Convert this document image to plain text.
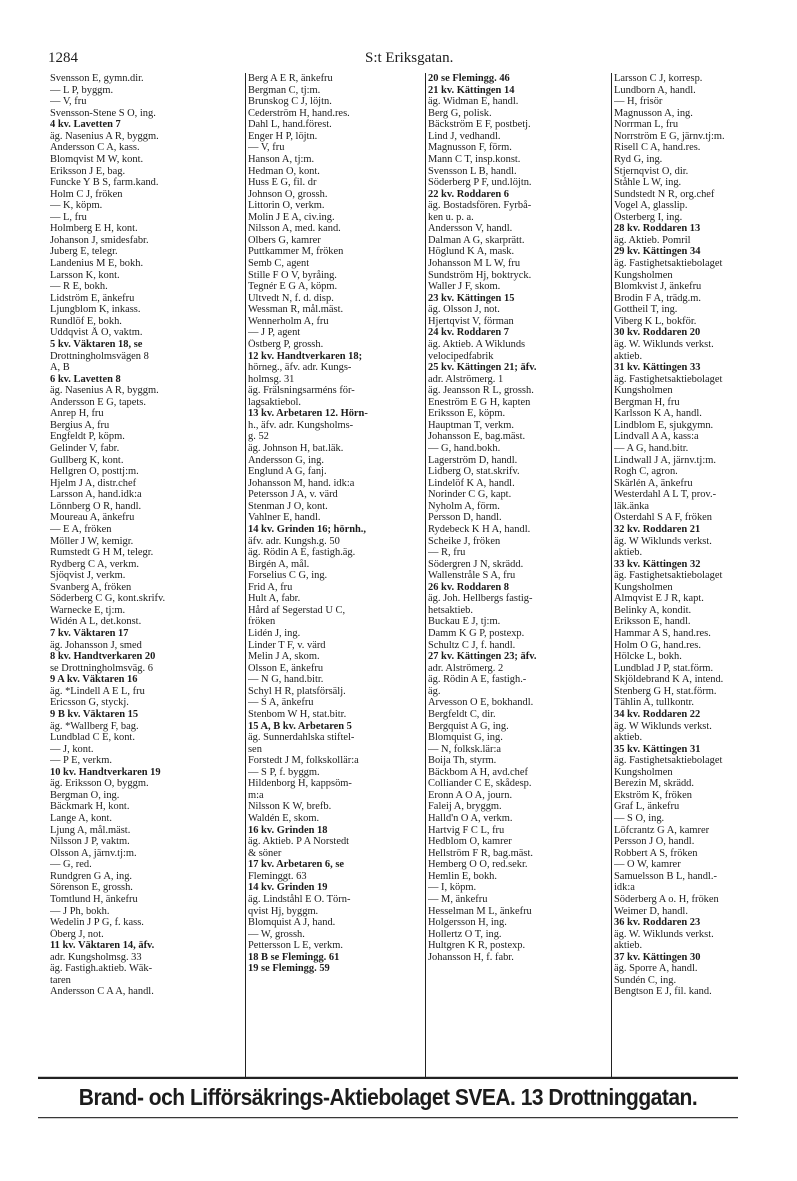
1284	S:t Eriksgatan.
Svensson E, gymn.dir.
— L P, byggm.
— V, fru
Svensson-Stene S O, ing.
4 kv. Lavetten 7
äg. Nasenius A R, byggm.
Andersson C A, kass.
Blomqvist M W, kont.
Eriksson J E, bag.
Funcke Y B S, farm.kand.
Holm C J, fröken
— K, köpm.
— L, fru
Holmberg E H, kont.
Johanson J, smidesfabr.
Juberg E, telegr.
Landenius M E, bokh.
Larsson K, kont.
— R E, bokh.
Lidström E, änkefru
Ljungblom K, inkass.
Rundlöf E, bokh.
Uddqvist Å O, vaktm.
5 kv. Väktaren 18, se
Drottningholmsvägen 8
A, B
6 kv. Lavetten 8
äg. Nasenius A R, byggm.
Andersson E G, tapets.
Anrep H, fru
Bergius A, fru
Engfeldt P, köpm.
Gelinder V, fabr.
Gullberg K, kont.
Hellgren O, posttj:m.
Hjelm J A, distr.chef
Larsson A, hand.idk:a
Lönnberg O R, handl.
Moureau A, änkefru
— E A, fröken
Möller J W, kemigr.
Rumstedt G H M, telegr.
Rydberg C A, verkm.
Sjöqvist J, verkm.
Svanberg A, fröken
Söderberg C G, kont.skrifv.
Warnecke E, tj:m.
Widén A L, det.konst.
7 kv. Väktaren 17
äg. Johansson J, smed
8 kv. Handtverkaren 20
se Drottningholmsväg. 6
9 A kv. Väktaren 16
äg. *Lindell A E L, fru
Ericsson G, styckj.
9 B kv. Väktaren 15
äg. *Wallberg F, bag.
Lundblad C E, kont.
— J, kont.
— P E, verkm.
10 kv. Handtverkaren 19
äg. Eriksson O, byggm.
Bergman O, ing.
Bäckmark H, kont.
Lange A, kont.
Ljung A, mål.mäst.
Nilsson J P, vaktm.
Olsson A, järnv.tj:m.
— G, red.
Rundgren G A, ing.
Sörenson E, grossh.
Tomtlund H, änkefru
— J Ph, bokh.
Wedelin J P G, f. kass.
Öberg J, not.
11 kv. Väktaren 14, äfv.
adr. Kungsholmsg. 33
äg. Fastigh.aktieb. Wäk-
taren
Andersson C A A, handl.
Berg A E R, änkefru
Bergman C, tj:m.
Brunskog C J, löjtn.
Cederström H, hand.res.
Dahl L, hand.förest.
Enger H P, löjtn.
— V, fru
Hanson A, tj:m.
Hedman O, kont.
Huss E G, fil. dr
Johnson O, grossh.
Littorin O, verkm.
Molin J E A, civ.ing.
Nilsson A, med. kand.
Olbers G, kamrer
Puttkammer M, fröken
Semb C, agent
Stille F O V, byråing.
Tegnér E G A, köpm.
Ultvedt N, f. d. disp.
Wessman R, mål.mäst.
Wennerholm A, fru
— J P, agent
Östberg P, grossh.
12 kv. Handtverkaren 18;
hörneg., äfv. adr. Kungs-
holmsg. 31
äg. Frälsningsarméns för-
lagsaktiebol.
13 kv. Arbetaren 12. Hörn-
h., äfv. adr. Kungsholms-
g. 52
äg. Johnson H, bat.läk.
Andersson G, ing.
Englund A G, fanj.
Johansson M, hand. idk:a
Petersson J A, v. värd
Stenman J O, kont.
Vahlner E, handl.
14 kv. Grinden 16; hörnh.,
äfv. adr. Kungsh.g. 50
äg. Rödin A E, fastigh.äg.
Birgén A, mål.
Forselius C G, ing.
Frid A, fru
Hult A, fabr.
Hård af Segerstad U C,
fröken
Lidén J, ing.
Linder T F, v. värd
Melin J A, skom.
Olsson E, änkefru
— N G, hand.bitr.
Schyl H R, platsförsälj.
— S A, änkefru
Stenbom W H, stat.bitr.
15 A, B kv. Arbetaren 5
äg. Sunnerdahlska stiftel-
sen
Forstedt J M, folkskollär:a
— S P, f. byggm.
Hildenborg H, kappsöm-
m:a
Nilsson K W, brefb.
Waldén E, skom.
16 kv. Grinden 18
äg. Aktieb. P A Norstedt
& söner
17 kv. Arbetaren 6, se
Fleminggt. 63
14 kv. Grinden 19
äg. Lindståhl E O. Törn-
qvist Hj, byggm.
Blomquist A J, hand.
— W, grossh.
Pettersson L E, verkm.
18 B se Flemingg. 61
19 se Flemingg. 59
20 se Flemingg. 46
21 kv. Kättingen 14
äg. Widman E, handl.
Berg G, polisk.
Bäckström E F, postbetj.
Lind J, vedhandl.
Magnusson F, förm.
Mann C T, insp.konst.
Svensson L B, handl.
Söderberg P F, und.löjtn.
22 kv. Roddaren 6
äg. Bostadsfören. Fyrbå-
ken u. p. a.
Andersson V, handl.
Dalman A G, skarprätt.
Höglund K A, mask.
Johansson M L W, fru
Sundström Hj, boktryck.
Waller J F, skom.
23 kv. Kättingen 15
äg. Olsson J, not.
Hjertqvist V, förman
24 kv. Roddaren 7
äg. Aktieb. A Wiklunds
velocipedfabrik
25 kv. Kättingen 21; äfv.
adr. Alströmerg. 1
äg. Jeansson R L, grossh.
Eneström E G H, kapten
Eriksson E, köpm.
Hauptman T, verkm.
Johansson E, bag.mäst.
— G, hand.bokh.
Lagerström D, handl.
Lidberg O, stat.skrifv.
Lindelöf K A, handl.
Norinder C G, kapt.
Nyholm A, förm.
Persson D, handl.
Rydebeck K H A, handl.
Scheike J, fröken
— R, fru
Södergren J N, skrädd.
Wallenstråle S A, fru
26 kv. Roddaren 8
äg. Joh. Hellbergs fastig-
hetsaktieb.
Buckau E J, tj:m.
Damm K G P, postexp.
Schultz C J, f. handl.
27 kv. Kättingen 23; äfv.
adr. Alströmerg. 2
äg. Rödin A E, fastigh.-
äg.
Arvesson O E, bokhandl.
Bergfeldt C, dir.
Bergquist A G, ing.
Blomquist G, ing.
— N, folksk.lär:a
Boija Th, styrm.
Bäckbom A H, avd.chef
Colliander C E, skådesp.
Eronn A O A, journ.
Faleij A, bryggm.
Halld'n O A, verkm.
Hartvig F C L, fru
Hedblom O, kamrer
Hellström F R, bag.mäst.
Hemberg O O, red.sekr.
Hemlin E, bokh.
— I, köpm.
— M, änkefru
Hesselman M L, änkefru
Holgersson H, ing.
Hollertz O T, ing.
Hultgren K R, postexp.
Johansson H, f. fabr.
Larsson C J, korresp.
Lundborn A, handl.
— H, frisör
Magnusson A, ing.
Norrman L, fru
Norrström E G, järnv.tj:m.
Risell C A, hand.res.
Ryd G, ing.
Stjernqvist O, dir.
Ståhle L W, ing.
Sundstedt N R, org.chef
Vogel A, glasslip.
Österberg I, ing.
28 kv. Roddaren 13
äg. Aktieb. Pomril
29 kv. Kättingen 34
äg. Fastighetsaktiebolaget
Kungsholmen
Blomkvist J, änkefru
Brodin F A, trädg.m.
Gottheil T, ing.
Viberg K L, bokför.
30 kv. Roddaren 20
äg. W. Wiklunds verkst.
aktieb.
31 kv. Kättingen 33
äg. Fastighetsaktiebolaget
Kungsholmen
Bergman H, fru
Karlsson K A, handl.
Lindblom E, sjukgymn.
Lindvall A A, kass:a
— A G, hand.bitr.
Lindwall J A, järnv.tj:m.
Rogh C, agron.
Skärlén A, änkefru
Westerdahl A L T, prov.-
läk.änka
Österdahl S A F, fröken
32 kv. Roddaren 21
äg. W Wiklunds verkst.
aktieb.
33 kv. Kättingen 32
äg. Fastighetsaktiebolaget
Kungsholmen
Almqvist E J R, kapt.
Belinky A, kondit.
Eriksson E, handl.
Hammar A S, hand.res.
Holm O G, hand.res.
Hölcke L, bokh.
Lundblad J P, stat.förm.
Skjöldebrand K A, intend.
Stenberg G H, stat.förm.
Tählin A, tullkontr.
34 kv. Roddaren 22
äg. W Wiklunds verkst.
aktieb.
35 kv. Kättingen 31
äg. Fastighetsaktiebolaget
Kungsholmen
Berezin M, skrädd.
Ekström K, fröken
Graf L, änkefru
— S O, ing.
Löfcrantz G A, kamrer
Persson J O, handl.
Robbert A S, fröken
— O W, kamrer
Samuelsson B L, handl.-
idk:a
Söderberg A o. H, fröken
Weimer D, handl.
36 kv. Roddaren 23
äg. W. Wiklunds verkst.
aktieb.
37 kv. Kättingen 30
äg. Sporre A, handl.
Sundén C, ing.
Bengtson E J, fil. kand.
Brand- och Lifförsäkrings-Aktiebolaget SVEA. 13 Drottninggatan.
